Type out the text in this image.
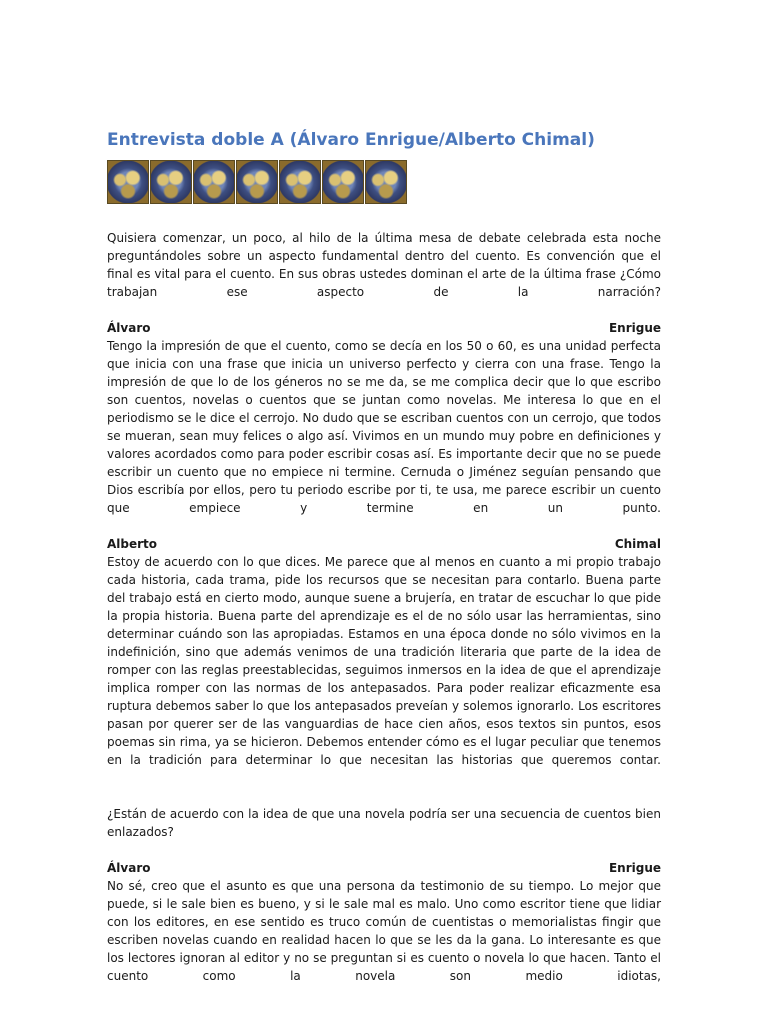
Entrevista doble A (Álvaro Enrigue/Alberto Chimal)

Quisiera comenzar, un poco, al hilo de la última mesa de debate celebrada esta noche preguntándoles sobre un aspecto fundamental dentro del cuento. Es convención que el final es vital para el cuento. En sus obras ustedes dominan el arte de la última frase ¿Cómo trabajan ese aspecto de la narración?

Álvaro	Enrigue

Tengo la impresión de que el cuento, como se decía en los 50 o 60, es una unidad perfecta que inicia con una frase que inicia un universo perfecto y cierra con una frase. Tengo la impresión de que lo de los géneros no se me da, se me complica decir que lo que escribo son cuentos, novelas o cuentos que se juntan como novelas. Me interesa lo que en el periodismo se le dice el cerrojo. No dudo que se escriban cuentos con un cerrojo, que todos se mueran, sean muy felices o algo así. Vivimos en un mundo muy pobre en definiciones y valores acordados como para poder escribir cosas así. Es importante decir que no se puede escribir un cuento que no empiece ni termine. Cernuda o Jiménez seguían pensando que Dios escribía por ellos, pero tu periodo escribe por ti, te usa, me parece escribir un cuento que empiece y termine en un punto.

Alberto	Chimal

Estoy de acuerdo con lo que dices. Me parece que al menos en cuanto a mi propio trabajo cada historia, cada trama, pide los recursos que se necesitan para contarlo. Buena parte del trabajo está en cierto modo, aunque suene a brujería, en tratar de escuchar lo que pide la propia historia. Buena parte del aprendizaje es el de no sólo usar las herramientas, sino determinar cuándo son las apropiadas. Estamos en una época donde no sólo vivimos en la indefinición, sino que además venimos de una tradición literaria que parte de la idea de romper con las reglas preestablecidas, seguimos inmersos en la idea de que el aprendizaje implica romper con las normas de los antepasados. Para poder realizar eficazmente esa ruptura debemos saber lo que los antepasados preveían y solemos ignorarlo. Los escritores pasan por querer ser de las vanguardias de hace cien años, esos textos sin puntos, esos poemas sin rima, ya se hicieron. Debemos entender cómo es el lugar peculiar que tenemos en la tradición para determinar lo que necesitan las historias que queremos contar.

¿Están de acuerdo con la idea de que una novela podría ser una secuencia de cuentos bien enlazados?

Álvaro	Enrigue

No sé, creo que el asunto es que una persona da testimonio de su tiempo. Lo mejor que puede, si le sale bien es bueno, y si le sale mal es malo. Uno como escritor tiene que lidiar con los editores, en ese sentido es truco común de cuentistas o memorialistas fingir que escriben novelas cuando en realidad hacen lo que se les da la gana. Lo interesante es que los lectores ignoran al editor y no se preguntan si es cuento o novela lo que hacen. Tanto el cuento como la novela son medio idiotas,
